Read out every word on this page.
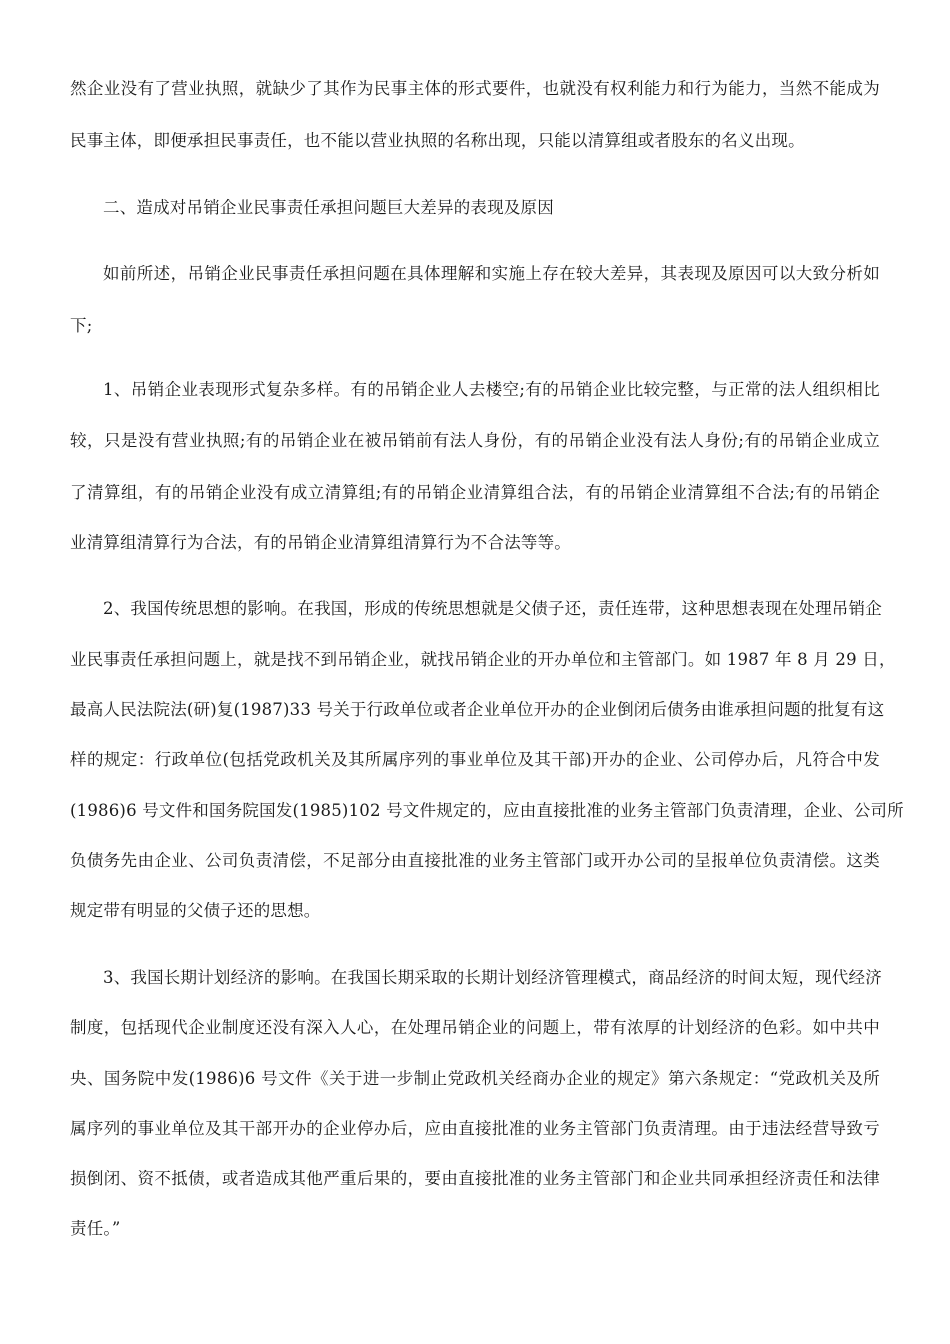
然企业没有了营业执照，就缺少了其作为民事主体的形式要件，也就没有权利能力和行为能力，当然不能成为
民事主体，即便承担民事责任，也不能以营业执照的名称出现，只能以清算组或者股东的名义出现。
二、造成对吊销企业民事责任承担问题巨大差异的表现及原因
如前所述，吊销企业民事责任承担问题在具体理解和实施上存在较大差异，其表现及原因可以大致分析如
下;
1、吊销企业表现形式复杂多样。有的吊销企业人去楼空;有的吊销企业比较完整，与正常的法人组织相比
较，只是没有营业执照;有的吊销企业在被吊销前有法人身份，有的吊销企业没有法人身份;有的吊销企业成立
了清算组，有的吊销企业没有成立清算组;有的吊销企业清算组合法，有的吊销企业清算组不合法;有的吊销企
业清算组清算行为合法，有的吊销企业清算组清算行为不合法等等。
2、我国传统思想的影响。在我国，形成的传统思想就是父债子还，责任连带，这种思想表现在处理吊销企
业民事责任承担问题上，就是找不到吊销企业，就找吊销企业的开办单位和主管部门。如 1987 年 8 月 29 日，
最高人民法院法(研)复(1987)33 号关于行政单位或者企业单位开办的企业倒闭后债务由谁承担问题的批复有这
样的规定：行政单位(包括党政机关及其所属序列的事业单位及其干部)开办的企业、公司停办后，凡符合中发
(1986)6 号文件和国务院国发(1985)102 号文件规定的，应由直接批准的业务主管部门负责清理，企业、公司所
负债务先由企业、公司负责清偿，不足部分由直接批准的业务主管部门或开办公司的呈报单位负责清偿。这类
规定带有明显的父债子还的思想。
3、我国长期计划经济的影响。在我国长期采取的长期计划经济管理模式，商品经济的时间太短，现代经济
制度，包括现代企业制度还没有深入人心，在处理吊销企业的问题上，带有浓厚的计划经济的色彩。如中共中
央、国务院中发(1986)6 号文件《关于进一步制止党政机关经商办企业的规定》第六条规定：“党政机关及所
属序列的事业单位及其干部开办的企业停办后，应由直接批准的业务主管部门负责清理。由于违法经营导致亏
损倒闭、资不抵债，或者造成其他严重后果的，要由直接批准的业务主管部门和企业共同承担经济责任和法律
责任。”
